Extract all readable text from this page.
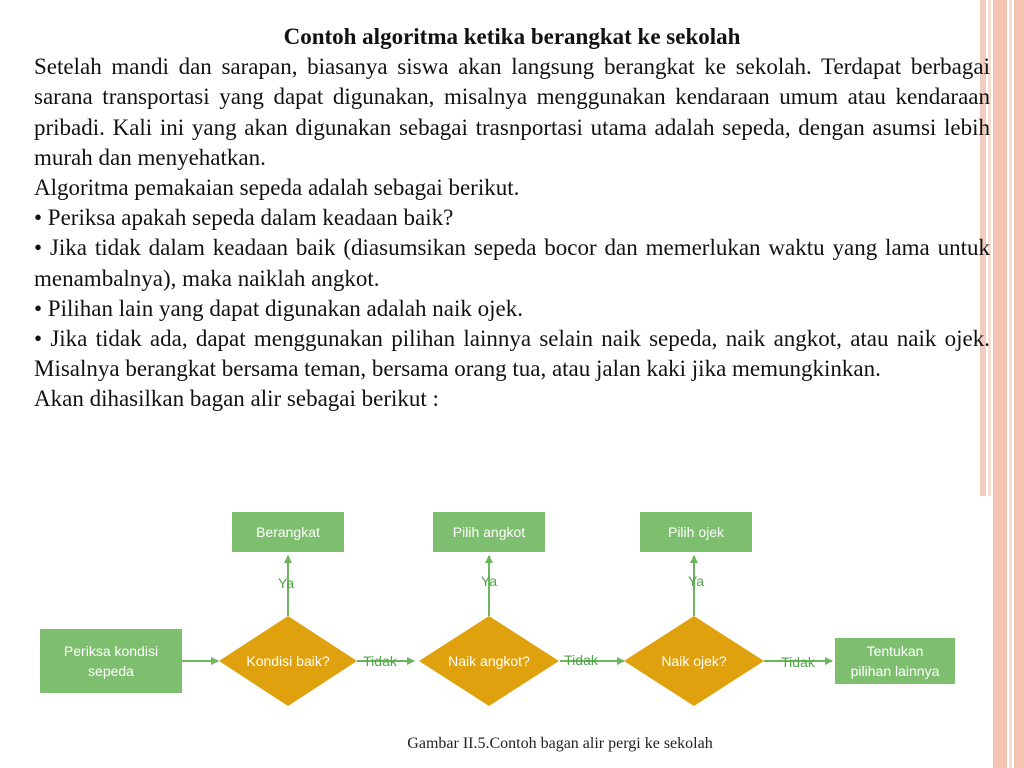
Contoh algoritma ketika berangkat ke sekolah

Setelah mandi dan sarapan, biasanya siswa akan langsung berangkat ke sekolah. Terdapat berbagai sarana transportasi yang dapat digunakan, misalnya menggunakan kendaraan umum atau kendaraan pribadi. Kali ini yang akan digunakan sebagai trasnportasi utama adalah sepeda, dengan asumsi lebih murah dan menyehatkan.

Algoritma pemakaian sepeda adalah sebagai berikut.

• Periksa apakah sepeda dalam keadaan baik?

• Jika tidak dalam keadaan baik (diasumsikan sepeda bocor dan memerlukan waktu yang lama untuk menambalnya), maka naiklah angkot.

• Pilihan lain yang dapat digunakan adalah naik ojek.

• Jika tidak ada, dapat menggunakan pilihan lainnya selain naik sepeda, naik angkot, atau naik ojek. Misalnya berangkat bersama teman, bersama orang tua, atau jalan kaki jika memungkinkan.

Akan dihasilkan bagan alir sebagai berikut :

Periksa kondisi
sepeda
Kondisi baik?	Naik angkot?	Naik ojek?
Berangkat	Pilih angkot	Pilih ojek
Tentukan
pilihan lainnya
Ya	Ya	Ya
Tidak	Tidak	Tidak
Gambar II.5.Contoh bagan alir pergi ke sekolah
